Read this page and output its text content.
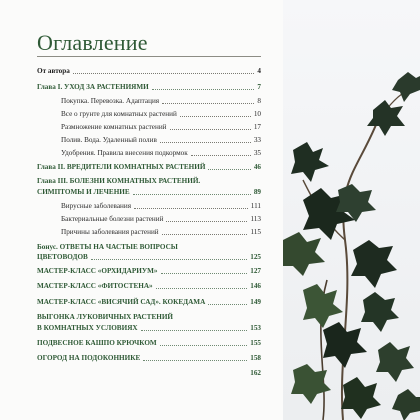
Оглавление
От автора	4
Глава I. УХОД ЗА РАСТЕНИЯМИ	7
Покупка. Перевозка. Адаптация	8
Все о грунте для комнатных растений	10
Размножение комнатных растений	17
Полив. Вода. Удаленный полив	33
Удобрения. Правила внесения подкормок	35
Глава II. ВРЕДИТЕЛИ КОМНАТНЫХ РАСТЕНИЙ	46
Глава III. БОЛЕЗНИ КОМНАТНЫХ РАСТЕНИЙ.
СИМПТОМЫ И ЛЕЧЕНИЕ	89
Вирусные заболевания	111
Бактериальные болезни растений	113
Причины заболевания растений	115
Бонус. ОТВЕТЫ НА ЧАСТЫЕ ВОПРОСЫ
ЦВЕТОВОДОВ	125
МАСТЕР-КЛАСС «ОРХИДАРИУМ»	127
МАСТЕР-КЛАСС «ФИТОСТЕНА»	146
МАСТЕР-КЛАСС «ВИСЯЧИЙ САД». КОКЕДАМА	149
ВЫГОНКА ЛУКОВИЧНЫХ РАСТЕНИЙ
В КОМНАТНЫХ УСЛОВИЯХ	153
ПОДВЕСНОЕ КАШПО КРЮЧКОМ	155
ОГОРОД НА ПОДОКОННИКЕ	158
162
